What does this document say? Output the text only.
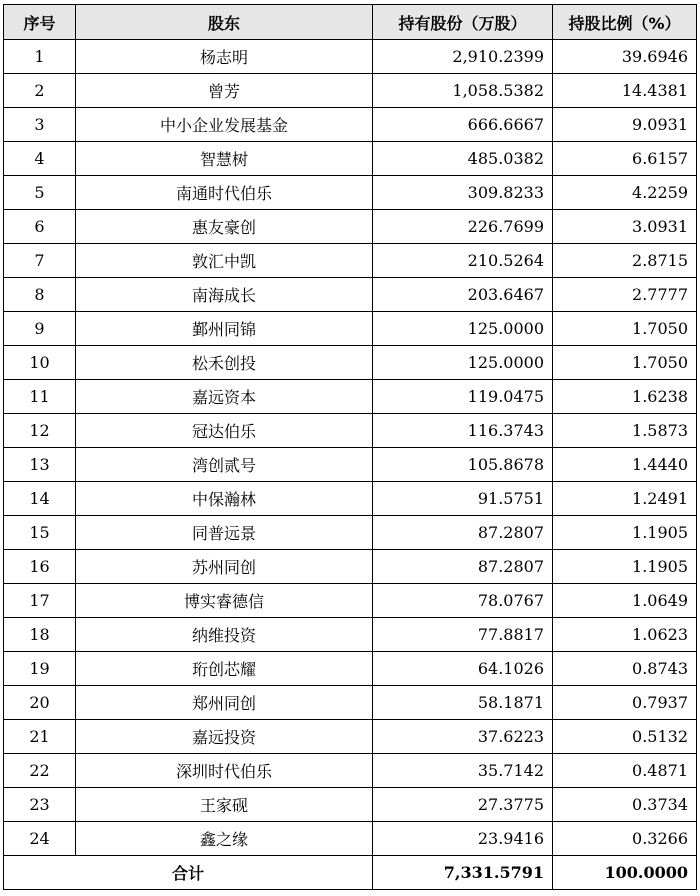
序号	股东	持有股份（万股）	持股比例（%）
1	杨志明	2,910.2399	39.6946
2	曾芳	1,058.5382	14.4381
3	中小企业发展基金	666.6667	9.0931
4	智慧树	485.0382	6.6157
5	南通时代伯乐	309.8233	4.2259
6	惠友豪创	226.7699	3.0931
7	敦汇中凯	210.5264	2.8715
8	南海成长	203.6467	2.7777
9	鄞州同锦	125.0000	1.7050
10	松禾创投	125.0000	1.7050
11	嘉远资本	119.0475	1.6238
12	冠达伯乐	116.3743	1.5873
13	湾创贰号	105.8678	1.4440
14	中保瀚林	91.5751	1.2491
15	同普远景	87.2807	1.1905
16	苏州同创	87.2807	1.1905
17	博实睿德信	78.0767	1.0649
18	纳维投资	77.8817	1.0623
19	珩创芯耀	64.1026	0.8743
20	郑州同创	58.1871	0.7937
21	嘉远投资	37.6223	0.5132
22	深圳时代伯乐	35.7142	0.4871
23	王家砚	27.3775	0.3734
24	鑫之缘	23.9416	0.3266
合计		7,331.5791	100.0000
